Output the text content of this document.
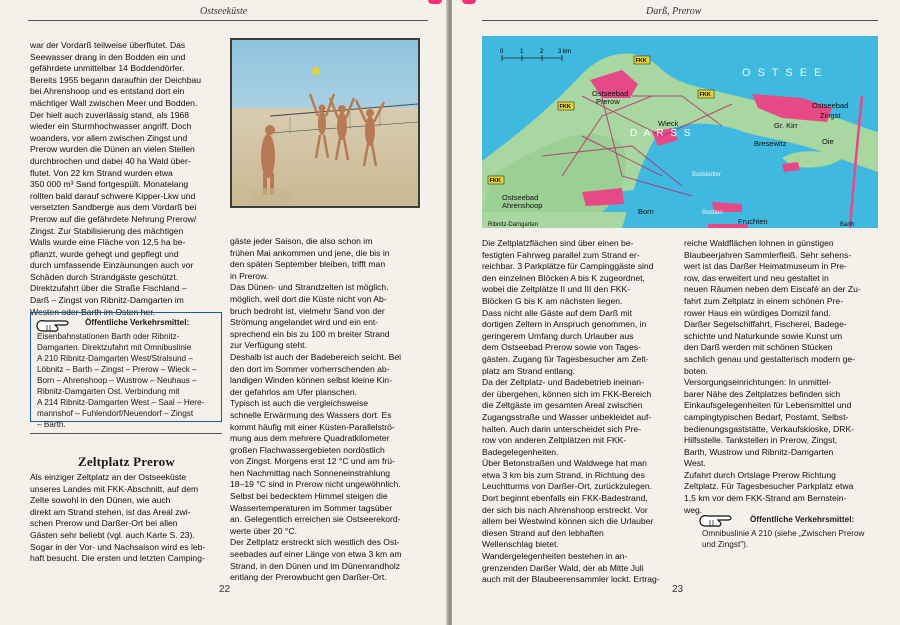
Ostseeküste

war der Vordarß teilweise überflutet. Das

Seewasser drang in den Bodden ein und

gefährdete unmittelbar 14 Boddendörfer.

Bereits 1955 begann daraufhin der Deichbau

bei Ahrenshoop und es entstand dort ein

mächtiger Wall zwischen Meer und Bodden.

Der hielt auch zuverlässig stand, als 1968

wieder ein Sturmhochwasser angriff. Doch

woanders, vor allem zwischen Zingst und

Prerow wurden die Dünen an vielen Stellen

durchbrochen und dabei 40 ha Wald über-

flutet. Von 22 km Strand wurden etwa

350 000 m³ Sand fortgespült. Monatelang

rollten bald darauf schwere Kipper-Lkw und

versetzten Sandberge aus dem Vordarß bei

Prerow auf die gefährdete Nehrung Prerow/

Zingst. Zur Stabilisierung des mächtigen

Walls wurde eine Fläche von 12,5 ha be-

pflanzt, wurde gehegt und gepflegt und

durch umfassende Einzäunungen auch vor

Schäden durch Strandgäste geschützt.

Direktzufahrt über die Straße Fischland –

Darß – Zingst von Ribnitz-Damgarten im

Westen oder Barth im Osten her.

gäste jeder Saison, die also schon im

frühen Mai ankommen und jene, die bis in

den späten September bleiben, trifft man

in Prerow.

Das Dünen- und Strandzelten ist möglich.

möglich, weil dort die Küste nicht von Ab-

bruch bedroht ist, vielmehr Sand von der

Strömung angelandet wird und ein ent-

sprechend ein bis zu 100 m breiter Strand

zur Verfügung steht.

Deshalb ist auch der Badebereich seicht. Bei

den dort im Sommer vorherrschenden ab-

landigen Winden können selbst kleine Kin-

der gefahrlos am Ufer planschen.

Typisch ist auch die vergleichsweise

schnelle Erwärmung des Wassers dort. Es

kommt häufig mit einer Küsten-Parallelströ-

mung aus dem mehrere Quadratkilometer

großen Flachwassergebieten nordöstlich

von Zingst. Morgens erst 12 °C und am frü-

hen Nachmittag nach Sonneneinstrahlung

18–19 °C sind in Prerow nicht ungewöhnlich.

Selbst bei bedecktem Himmel steigen die

Wassertemperaturen im Sommer tagsüber

an. Gelegentlich erreichen sie Ostseerekord-

werte über 20 °C.

Der Zeltplatz erstreckt sich westlich des Ost-

seebades auf einer Länge von etwa 3 km am

Strand, in den Dünen und im Dünenrandholz

entlang der Prerowbucht gen Darßer-Ort.

Öffentliche Verkehrsmittel:

Eisenbahnstationen Barth oder Ribnitz-

Damgarten. Direktzufahrt mit Omnibuslinie

A 210 Ribnitz-Damgarten West/Stralsund –

Löbnitz – Barth – Zingst – Prerow – Wieck –

Born – Ahrenshoop – Wustrow – Neuhaus –

Ribnitz-Damgarten Ost. Verbindung mit

A 214 Ribnitz-Damgarten West – Saal – Here-

mannshof – Fuhlendorf/Neuendorf – Zingst

– Barth.

Zeltplatz Prerow

Als einziger Zeltplatz an der Ostseeküste

unseres Landes mit FKK-Abschnitt, auf dem

Zelte sowohl in den Dünen, wie auch

direkt am Strand stehen, ist das Areal zwi-

schen Prerow und Darßer-Ort bei allen

Gästen sehr beliebt (vgl. auch Karte S. 23).

Sogar in der Vor- und Nachsaison wird es leb-

haft besucht. Die ersten und letzten Camping-

22
Darß, Prerow
0	1	2 3 km
O S T S E E
D A R S S
Ostseebad
Prerow
Wieck
Bresewitz
Gr. Kirr
Oie
Ostseebad
Zingst
Born
Ostseebad
Ahrenshoop
Fruchten
Bodstedter
Bodden
Ribnitz-Damgarten	Barth
FKK
FKK
FKK
FKK

Die Zeltplatzflächen sind über einen be-

festigten Fahrweg parallel zum Strand er-

reichbar. 3 Parkplätze für Campinggäste sind

den einzelnen Blöcken A bis K zugeordnet,

wobei die Zeltplätze II und III den FKK-

Blöcken G bis K am nächsten liegen.

Dass nicht alle Gäste auf dem Darß mit

dortigen Zeltern in Anspruch genommen, in

geringerem Umfang durch Urlauber aus

dem Ostseebad Prerow sowie von Tages-

gästen. Zugang für Tagesbesucher am Zelt-

platz am Strand entlang.

Da der Zeltplatz- und Badebetrieb ineinan-

der übergehen, können sich im FKK-Bereich

die Zeltgäste im gesamten Areal zwischen

Zugangsstraße und Wasser unbekleidet auf-

halten. Auch darin unterscheidet sich Pre-

row von anderen Zeltplätzen mit FKK-

Badegelegenheiten.

Über Betonstraßen und Waldwege hat man

etwa 3 km bis zum Strand, in Richtung des

Leuchtturms von Darßer-Ort, zurückzulegen.

Dort beginnt ebenfalls ein FKK-Badestrand,

der sich bis nach Ahrenshoop erstreckt. Vor

allem bei Westwind können sich die Urlauber

diesen Strand auf den lebhaften

Wellenschlag bietet.

Wandergelegenheiten bestehen in an-

grenzenden Darßer Wald, der ab Mitte Juli

auch mit der Blaubeerensammler lockt. Ertrag-

reiche Waldflächen lohnen in günstigen

Blaubeerjahren Sammlerfleiß. Sehr sehens-

wert ist das Darßer Heimatmuseum in Pre-

row, das erweitert und neu gestaltet in

neuen Räumen neben dem Eiscafé an der Zu-

fahrt zum Zeltplatz in einem schönen Pre-

rower Haus ein würdiges Domizil fand.

Darßer Segelschiffahrt, Fischerei, Badege-

schichte und Naturkunde sowie Kunst um

den Darß werden mit schönen Stücken

sachlich genau und gestalterisch modern ge-

boten.

Versorgungseinrichtungen: In unmittel-

barer Nähe des Zeltplatzes befinden sich

Einkaufsgelegenheiten für Lebensmittel und

campingtypischen Bedarf, Postamt, Selbst-

bedienungsgaststätte, Verkaufskioske, DRK-

Hilfsstelle. Tankstellen in Prerow, Zingst,

Barth, Wustrow und Ribnitz-Damgarten

West.

Zufahrt durch Ortslage Prerow Richtung

Zeltplatz. Für Tagesbesucher Parkplatz etwa

1,5 km vor dem FKK-Strand am Bernstein-

weg.

Öffentliche Verkehrsmittel:

Omnibuslinie A 210 (siehe „Zwischen Prerow

und Zingst").

23
